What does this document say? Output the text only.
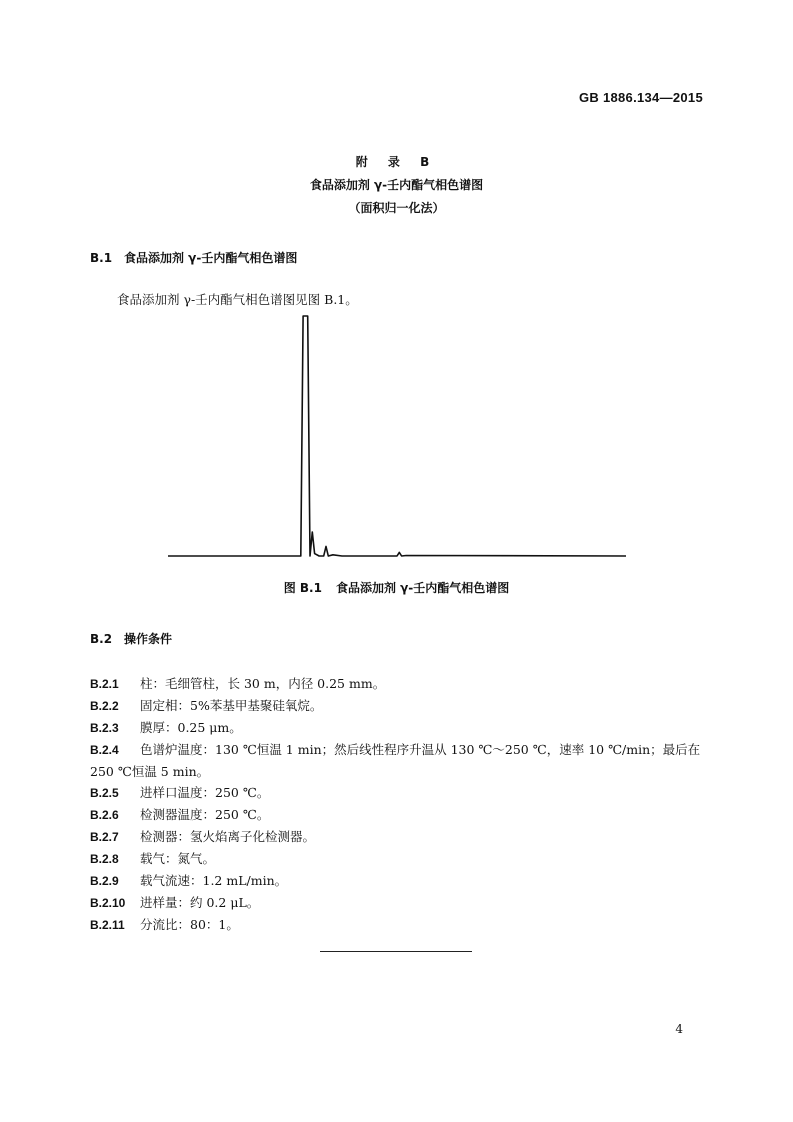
GB 1886.134—2015
附 录 B
食品添加剂 γ-壬内酯气相色谱图
（面积归一化法）
B.1 食品添加剂 γ-壬内酯气相色谱图
食品添加剂 γ-壬内酯气相色谱图见图 B.1。
图 B.1 食品添加剂 γ-壬内酯气相色谱图
B.2 操作条件
B.2.1 柱：毛细管柱，长 30 m，内径 0.25 mm。
B.2.2 固定相：5%苯基甲基聚硅氧烷。
B.2.3 膜厚：0.25 μm。
B.2.4 色谱炉温度：130 ℃恒温 1 min；然后线性程序升温从 130 ℃～250 ℃，速率 10 ℃/min；最后在
250 ℃恒温 5 min。
B.2.5 进样口温度：250 ℃。
B.2.6 检测器温度：250 ℃。
B.2.7 检测器：氢火焰离子化检测器。
B.2.8 载气：氮气。
B.2.9 载气流速：1.2 mL/min。
B.2.10 进样量：约 0.2 μL。
B.2.11 分流比：80：1。
4
